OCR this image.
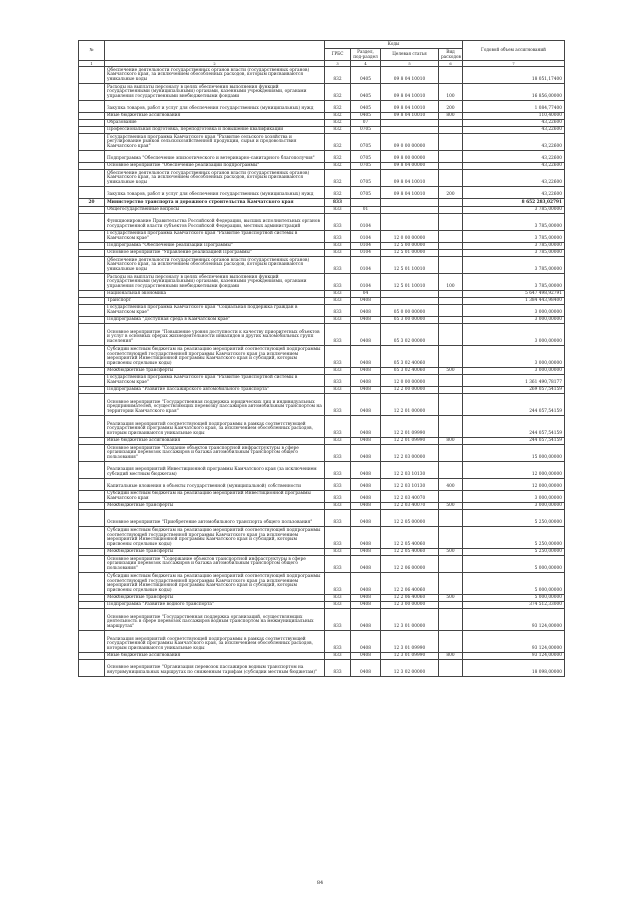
№		Коды				Годовой объем ассигнований
		ГРБС	Раздел, под-раздел	Целевая статья	Вид расходов	
1	2	3	4	5	6	7
	Обеспечение деятельности государственных органов власти (государственных органов) Камчатского края, за исключением обособленных расходов, которым присваиваются уникальные коды	832	0405	09 8 04 10010		18 051,17400
	Расходы на выплаты персоналу в целях обеспечения выполнения функций государственными (муниципальными) органами, казенными учреждениями, органами управления государственными внебюджетными фондами	832	0405	09 8 04 10010	100	16 856,00000
	Закупка товаров, работ и услуг для обеспечения государственных (муниципальных) нужд	832	0405	09 8 04 10010	200	1 084,77400
	Иные бюджетные ассигнования	832	0405	09 8 04 10010	800	110,40000
	Образование	832	07			43,22600
	Профессиональная подготовка, переподготовка и повышение квалификации	832	0705			43,22600
	Государственная программа Камчатского края "Развитие сельского хозяйства и регулирование рынков сельскохозяйственной продукции, сырья и продовольствия Камчатского края"	832	0705	09 0 00 00000		43,22600
	Подпрограмма "Обеспечение эпизоотического и ветеринарно-санитарного благополучия"	832	0705	09 8 00 00000		43,22600
	Основное мероприятие "Обеспечение реализации подпрограммы"	832	0705	09 8 04 00000		43,22600
	Обеспечение деятельности государственных органов власти (государственных органов) Камчатского края, за исключением обособленных расходов, которым присваиваются уникальные коды	832	0705	09 8 04 10010		43,22600
	Закупка товаров, работ и услуг для обеспечения государственных (муниципальных) нужд	832	0705	09 8 04 10010	200	43,22600
20	Министерство транспорта и дорожного строительства Камчатского края	833				8 652 283,02791
	Общегосударственные вопросы	833	01			3 785,00000
	Функционирование Правительства Российской Федерации, высших исполнительных органов государственной власти субъектов Российской Федерации, местных администраций	833	0104			3 785,00000
	Государственная программа Камчатского края "Развитие транспортной системы в Камчатском крае"	833	0104	12 0 00 00000		3 785,00000
	Подпрограмма "Обеспечение реализации Программы"	833	0104	12 5 00 00000		3 785,00000
	Основное мероприятие "Управление реализацией Программы"	833	0104	12 5 01 00000		3 785,00000
	Обеспечение деятельности государственных органов власти (государственных органов) Камчатского края, за исключением обособленных расходов, которым присваиваются уникальные коды	833	0104	12 5 01 10010		3 785,00000
	Расходы на выплаты персоналу в целях обеспечения выполнения функций государственными (муниципальными) органами, казенными учреждениями, органами управления государственными внебюджетными фондами	833	0104	12 5 01 10010	100	3 785,00000
	Национальная экономика	833	04			5 647 498,92791
	Транспорт	833	0408			1 384 443,98400
	Государственная программа Камчатского края "Социальная поддержка граждан в Камчатском крае"	833	0408	05 0 00 00000		3 000,00000
	Подпрограмма "Доступная среда в Камчатском крае"	833	0408	05 3 00 00000		3 000,00000
	Основное мероприятие "Повышение уровня доступности к качеству приоритетных объектов и услуг в основных сферах жизнедеятельности инвалидов и других маломобильных групп населения"	833	0408	05 3 02 00000		3 000,00000
	Субсидии местным бюджетам на реализацию мероприятий соответствующей подпрограммы соответствующей государственной программы Камчатского края (за исключением мероприятий Инвестиционной программы Камчатского края и субсидий, которым присвоены отдельные коды)	833	0408	05 3 02 40060		3 000,00000
	Межбюджетные трансферты	833	0408	05 3 02 40060	500	3 000,00000
	Государственная программа Камчатского края "Развитие транспортной системы в Камчатском крае"	833	0408	12 0 00 00000		1 361 490,78177
	Подпрограмма "Развитие пассажирского автомобильного транспорта"	833	0408	12 2 00 00000		269 057,54159
	Основное мероприятие "Государственная поддержка юридических лиц и индивидуальных предпринимателей, осуществляющих перевозку пассажиров автомобильным транспортом на территории Камчатского края"	833	0408	12 2 01 00000		244 057,54159
	Реализация мероприятий соответствующей подпрограммы в рамках соответствующей государственной программы Камчатского края, за исключением обособленных расходов, которым присваиваются уникальные коды	833	0408	12 2 01 09990		244 057,54159
	Иные бюджетные ассигнования	833	0408	12 2 01 09990	800	244 057,54159
	Основное мероприятие "Создание объектов транспортной инфраструктуры в сфере организации перевозок пассажиров и багажа автомобильным транспортом общего пользования"	833	0408	12 2 03 00000		15 000,00000
	Реализация мероприятий Инвестиционной программы Камчатского края (за исключением субсидий местным бюджетам)	833	0408	12 2 03 10130		12 000,00000
	Капитальные вложения в объекты государственной (муниципальной) собственности	833	0408	12 2 03 10130	400	12 000,00000
	Субсидии местным бюджетам на реализацию мероприятий Инвестиционной программы Камчатского края	833	0408	12 2 03 40070		3 000,00000
	Межбюджетные трансферты	833	0408	12 2 03 40070	500	3 000,00000
	Основное мероприятие "Приобретение автомобильного транспорта общего пользования"	833	0408	12 2 05 00000		5 250,00000
	Субсидии местным бюджетам на реализацию мероприятий соответствующей подпрограммы соответствующей государственной программы Камчатского края (за исключением мероприятий Инвестиционной программы Камчатского края и субсидий, которым присвоены отдельные коды)	833	0408	12 2 05 40060		5 250,00000
	Межбюджетные трансферты	833	0408	12 2 05 40060	500	5 250,00000
	Основное мероприятие "Содержание объектов транспортной инфраструктуры в сфере организации перевозок пассажиров и багажа автомобильным транспортом общего пользования"	833	0408	12 2 06 00000		5 000,00000
	Субсидии местным бюджетам на реализацию мероприятий соответствующей подпрограммы соответствующей государственной программы Камчатского края (за исключением мероприятий Инвестиционной программы Камчатского края и субсидий, которым присвоены отдельные коды)	833	0408	12 2 06 40060		5 000,00000
	Межбюджетные трансферты	833	0408	12 2 06 40060	500	5 000,00000
	Подпрограмма "Развитие водного транспорта"	833	0408	12 3 00 00000		374 512,33000
	Основное мероприятие "Государственная поддержка организаций, осуществляющих деятельность в сфере перевозок пассажиров водным транспортом на межмуниципальных маршрутах"	833	0408	12 3 01 00000		93 124,00000
	Реализация мероприятий соответствующей подпрограммы в рамках соответствующей государственной программы Камчатского края, за исключением обособленных расходов, которым присваиваются уникальные коды	833	0408	12 3 01 09990		93 124,00000
	Иные бюджетные ассигнования	833	0408	12 3 01 09990	800	93 124,00000
	Основное мероприятие "Организация перевозок пассажиров водным транспортом на внутримуниципальных маршрутах по сниженным тарифам (субсидии местным бюджетам)"	833	0408	12 3 02 00000		18 098,00000
84
